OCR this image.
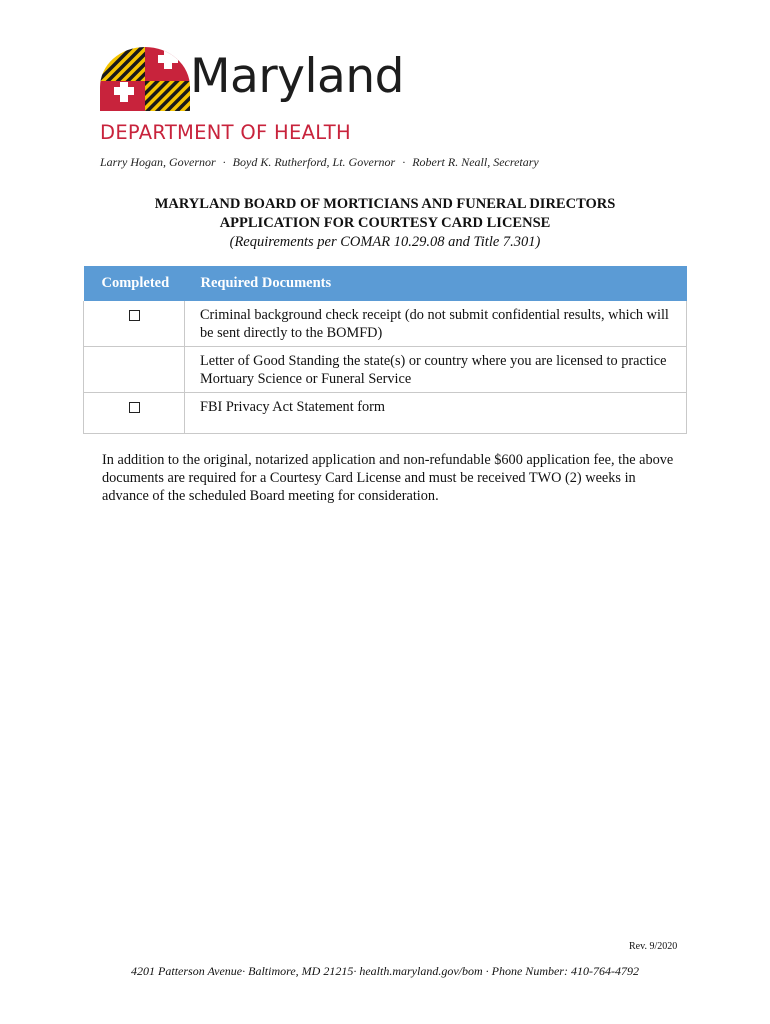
Maryland
DEPARTMENT OF HEALTH
Larry Hogan, Governor · Boyd K. Rutherford, Lt. Governor · Robert R. Neall, Secretary
MARYLAND BOARD OF MORTICIANS AND FUNERAL DIRECTORS
APPLICATION FOR COURTESY CARD LICENSE
(Requirements per COMAR 10.29.08 and Title 7.301)
Completed	Required Documents
	Criminal background check receipt (do not submit confidential results, which will be sent directly to the BOMFD)
	Letter of Good Standing the state(s) or country where you are licensed to practice Mortuary Science or Funeral Service
	FBI Privacy Act Statement form

In addition to the original, notarized application and non-refundable $600 application fee, the above documents are required for a Courtesy Card License and must be received TWO (2) weeks in advance of the scheduled Board meeting for consideration.

Rev. 9/2020
4201 Patterson Avenue· Baltimore, MD 21215· health.maryland.gov/bom · Phone Number: 410-764-4792
